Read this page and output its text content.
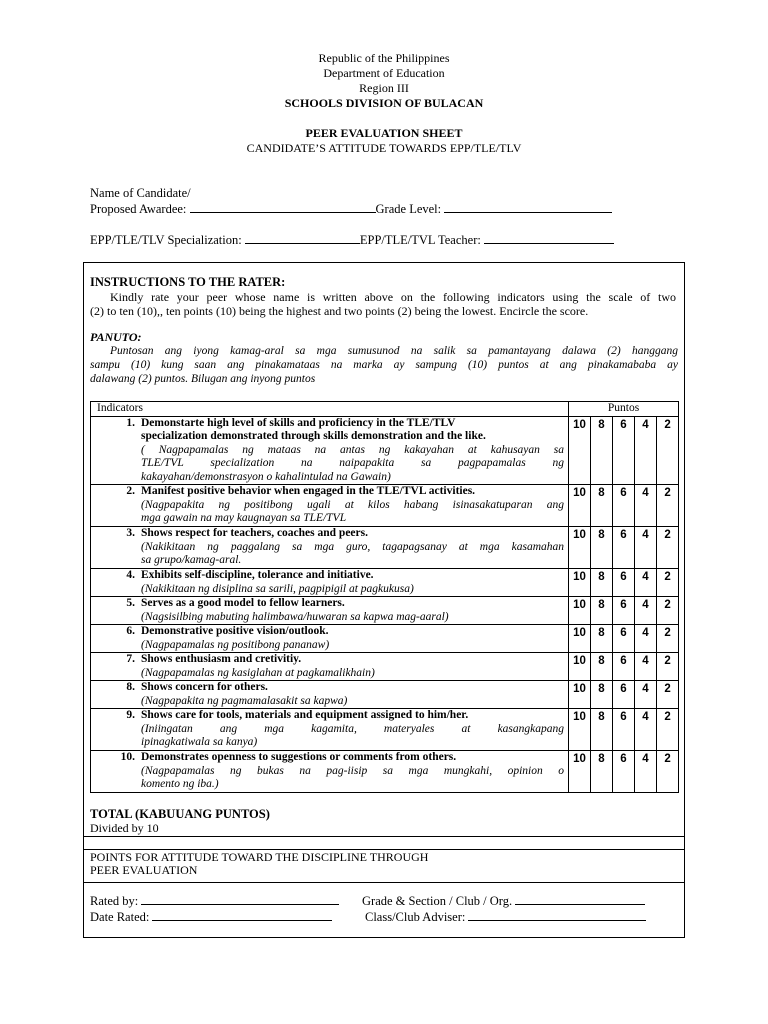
Republic of the Philippines
Department of Education
Region III
SCHOOLS DIVISION OF BULACAN
PEER EVALUATION SHEET
CANDIDATE’S ATTITUDE TOWARDS EPP/TLE/TLV
Name of Candidate/
Proposed Awardee:	Grade Level:
EPP/TLE/TLV Specialization:	EPP/TLE/TVL Teacher:
INSTRUCTIONS TO THE RATER:
Kindly rate your peer whose name is written above on the following indicators using the scale of two
(2) to ten (10),, ten points (10) being the highest and two points (2) being the lowest. Encircle the score.
PANUTO:
Puntosan ang iyong kamag-aral sa mga sumusunod na salik sa pamantayang dalawa (2) hanggang
sampu (10) kung saan ang pinakamataas na marka ay sampung (10) puntos at ang pinakamababa ay
dalawang (2) puntos. Bilugan ang inyong puntos
Indicators	Puntos				

1. Demonstarte high level of skills and proficiency in the TLE/TLV
specialization demonstrated through skills demonstration and the like.
( Nagpapamalas ng mataas na antas ng kakayahan at kahusayan sa
TLE/TVL specialization na naipapakita sa pagpapamalas ng
kakayahan/demonstrasyon o kahalintulad na Gawain)	10	8	6	4	2

2. Manifest positive behavior when engaged in the TLE/TVL activities.
(Nagpapakita ng positibong ugali at kilos habang isinasakatuparan ang
mga gawain na may kaugnayan sa TLE/TVL	10	8	6	4	2

3. Shows respect for teachers, coaches and peers.
(Nakikitaan ng paggalang sa mga guro, tagapagsanay at mga kasamahan
sa grupo/kamag-aral.	10	8	6	4	2

4. Exhibits self-discipline, tolerance and initiative.
(Nakikitaan ng disiplina sa sarili, pagpipigil at pagkukusa)	10	8	6	4	2

5. Serves as a good model to fellow learners.
(Nagsisilbing mabuting halimbawa/huwaran sa kapwa mag-aaral)	10	8	6	4	2

6. Demonstrative positive vision/outlook.
(Nagpapamalas ng positibong pananaw)	10	8	6	4	2

7. Shows enthusiasm and cretivitiy.
(Nagpapamalas ng kasiglahan at pagkamalikhain)	10	8	6	4	2

8. Shows concern for others.
(Nagpapakita ng pagmamalasakit sa kapwa)	10	8	6	4	2

9. Shows care for tools, materials and equipment assigned to him/her.
(Iniingatan ang mga kagamita, materyales at kasangkapang
ipinagkatiwala sa kanya)	10	8	6	4	2

10. Demonstrates openness to suggestions or comments from others.
(Nagpapamalas ng bukas na pag-iisip sa mga mungkahi, opinion o
komento ng iba.)	10	8	6	4	2
TOTAL (KABUUANG PUNTOS)
Divided by 10
POINTS FOR ATTITUDE TOWARD THE DISCIPLINE THROUGH
PEER EVALUATION
Rated by:	Grade & Section / Club / Org.
Date Rated:	Class/Club Adviser:
